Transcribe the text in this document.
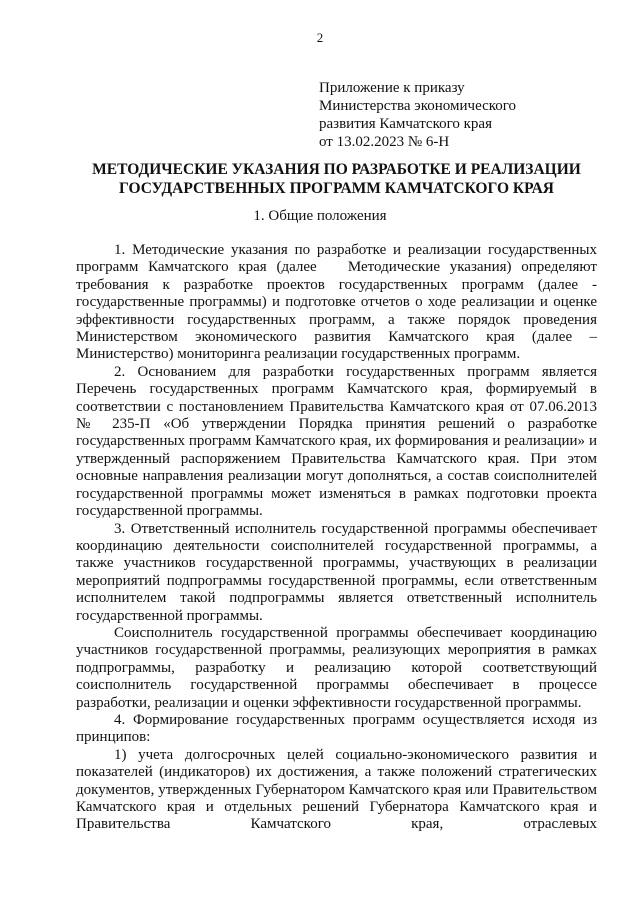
2
Приложение к приказу
Министерства экономического
развития Камчатского края
от 13.02.2023 № 6-Н
МЕТОДИЧЕСКИЕ УКАЗАНИЯ ПО РАЗРАБОТКЕ И РЕАЛИЗАЦИИ
ГОСУДАРСТВЕННЫХ ПРОГРАММ КАМЧАТСКОГО КРАЯ
1. Общие положения

1. Методические указания по разработке и реализации государственных программ Камчатского края (далее Методические указания) определяют требования к разработке проектов государственных программ (далее - государственные программы) и подготовке отчетов о ходе реализации и оценке эффективности государственных программ, а также порядок проведения Министерством экономического развития Камчатского края (далее – Министерство) мониторинга реализации государственных программ.

2. Основанием для разработки государственных программ является Перечень государственных программ Камчатского края, формируемый в соответствии с постановлением Правительства Камчатского края от 07.06.2013 № 235-П «Об утверждении Порядка принятия решений о разработке государственных программ Камчатского края, их формирования и реализации» и утвержденный распоряжением Правительства Камчатского края. При этом основные направления реализации могут дополняться, а состав соисполнителей государственной программы может изменяться в рамках подготовки проекта государственной программы.

3. Ответственный исполнитель государственной программы обеспечивает координацию деятельности соисполнителей государственной программы, а также участников государственной программы, участвующих в реализации мероприятий подпрограммы государственной программы, если ответственным исполнителем такой подпрограммы является ответственный исполнитель государственной программы.

Соисполнитель государственной программы обеспечивает координацию участников государственной программы, реализующих мероприятия в рамках подпрограммы, разработку и реализацию которой соответствующий соисполнитель государственной программы обеспечивает в процессе разработки, реализации и оценки эффективности государственной программы.

4. Формирование государственных программ осуществляется исходя из принципов:

1) учета долгосрочных целей социально-экономического развития и показателей (индикаторов) их достижения, а также положений стратегических документов, утвержденных Губернатором Камчатского края или Правительством Камчатского края и отдельных решений Губернатора Камчатского края и Правительства Камчатского края, отраслевых
